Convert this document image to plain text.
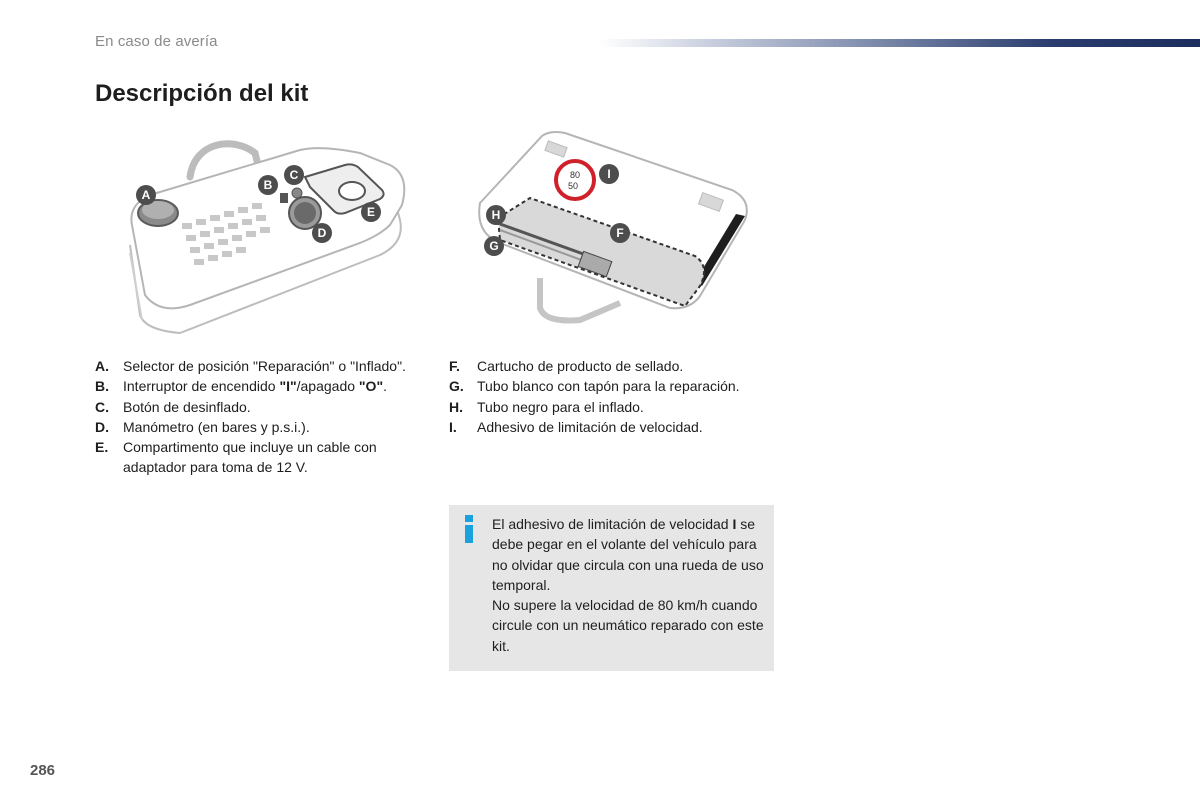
En caso de avería
Descripción del kit
A
B
C
D
E
80
50
I
H
G
F
A.	Selector de posición "Reparación" o "Inflado".
B.	Interruptor de encendido "I"/apagado "O".
C.	Botón de desinflado.
D.	Manómetro (en bares y p.s.i.).
E.	Compartimento que incluye un cable con adaptador para toma de 12 V.
F.	Cartucho de producto de sellado.
G. Tubo blanco con tapón para la reparación.
H.	Tubo negro para el inflado.
I.	Adhesivo de limitación de velocidad.

El adhesivo de limitación de velocidad I se debe pegar en el volante del vehículo para no olvidar que circula con una rueda de uso temporal.

No supere la velocidad de 80 km/h cuando circule con un neumático reparado con este kit.

286
